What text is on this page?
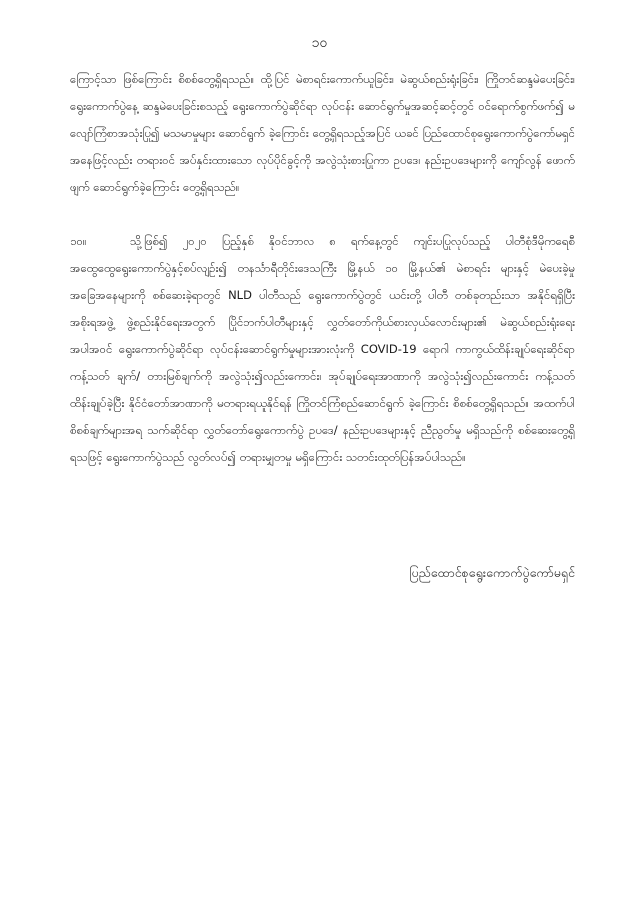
၁၀

ကြောင့်သာ ဖြစ်ကြောင်း စိစစ်တွေ့ရှိရသည်။ ထို့ပြင် မဲစာရင်းကောက်ယူခြင်း၊ မဲဆွယ်စည်းရုံးခြင်း၊ ကြိုတင်ဆန္ဒမဲပေးခြင်း၊ ရွေးကောက်ပွဲနေ့ ဆန္ဒမဲပေးခြင်းစသည့် ရွေးကောက်ပွဲဆိုင်ရာ လုပ်ငန်း ဆောင်ရွက်မှုအဆင့်ဆင့်တွင် ဝင်ရောက်စွက်ဖက်၍ မလျော်ကြံစာအသုံးပြု၍ မသမာမှုများ ဆောင်ရွက် ခဲ့ကြောင်း တွေ့ရှိရသည့်အပြင် ယခင် ပြည်ထောင်စုရွေးကောက်ပွဲကော်မရှင်အနေဖြင့်လည်း တရားဝင် အပ်နှင်းထားသော လုပ်ပိုင်ခွင့်ကို အလွဲသုံးစားပြုကာ ဥပဒေ၊ နည်းဥပဒေများကို ကျော်လွန် ဖောက် ဖျက် ဆောင်ရွက်ခဲ့ကြောင်း တွေ့ရှိရသည်။

၁၀။	သို့ဖြစ်၍ ၂၀၂၀ ပြည့်နှစ် နိုဝင်ဘာလ ၈ ရက်နေ့တွင် ကျင်းပပြုလုပ်သည့် ပါတီစုံဒီမိုကရေစီ အထွေထွေရွေးကောက်ပွဲနှင့်စပ်လျဉ်း၍ တနင်္သာရီတိုင်းဒေသကြီး မြို့နယ် ၁၀ မြို့နယ်၏ မဲစာရင်း များနှင့် မဲပေးခဲ့မှုအခြေအနေများကို စစ်ဆေးခဲ့ရာတွင် NLD ပါတီသည် ရွေးကောက်ပွဲတွင် ယင်းတို့ ပါတီ တစ်ခုတည်းသာ အနိုင်ရရှိပြီး အစိုးရအဖွဲ့ ဖွဲ့စည်းနိုင်ရေးအတွက် ပြိုင်ဘက်ပါတီများနှင့် လွှတ်တော်ကိုယ်စားလှယ်လောင်းများ၏ မဲဆွယ်စည်းရုံးရေး အပါအဝင် ရွေးကောက်ပွဲဆိုင်ရာ လုပ်ငန်းဆောင်ရွက်မှုများအားလုံးကို COVID-19 ရောဂါ ကာကွယ်ထိန်းချုပ်ရေးဆိုင်ရာ ကန့်သတ် ချက်/ တားမြစ်ချက်ကို အလွဲသုံး၍လည်းကောင်း၊ အုပ်ချုပ်ရေးအာဏာကို အလွဲသုံး၍လည်းကောင်း ကန့်သတ် ထိန်းချုပ်ခဲ့ပြီး နိုင်ငံတော်အာဏာကို မတရားရယူနိုင်ရန် ကြိုတင်ကြံစည်ဆောင်ရွက် ခဲ့ကြောင်း စိစစ်တွေ့ရှိရသည်။ အထက်ပါ စိစစ်ချက်များအရ သက်ဆိုင်ရာ လွှတ်တော်ရွေးကောက်ပွဲ ဥပဒေ/ နည်းဥပဒေများနှင့် ညီညွတ်မှု မရှိသည်ကို စစ်ဆေးတွေ့ရှိရသဖြင့် ရွေးကောက်ပွဲသည် လွတ်လပ်၍ တရားမျှတမှု မရှိကြောင်း သတင်းထုတ်ပြန်အပ်ပါသည်။

ပြည်ထောင်စုရွေးကောက်ပွဲကော်မရှင်
